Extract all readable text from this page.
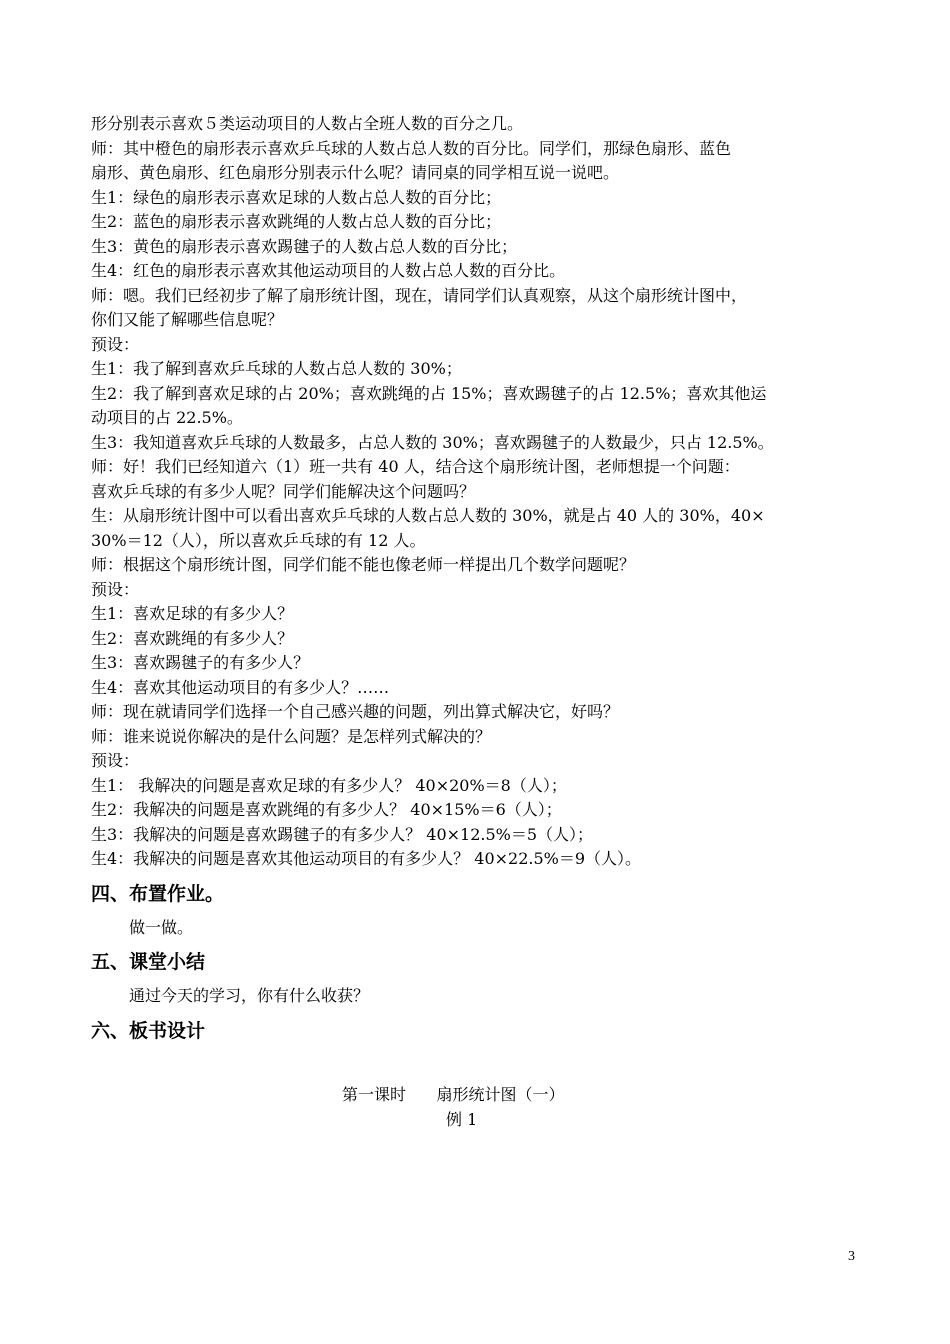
形分别表示喜欢５类运动项目的人数占全班人数的百分之几。

师：其中橙色的扇形表示喜欢乒乓球的人数占总人数的百分比。同学们，那绿色扇形、蓝色

扇形、黄色扇形、红色扇形分别表示什么呢？请同桌的同学相互说一说吧。

生1：绿色的扇形表示喜欢足球的人数占总人数的百分比；

生2：蓝色的扇形表示喜欢跳绳的人数占总人数的百分比；

生3：黄色的扇形表示喜欢踢毽子的人数占总人数的百分比；

生4：红色的扇形表示喜欢其他运动项目的人数占总人数的百分比。

师：嗯。我们已经初步了解了扇形统计图，现在，请同学们认真观察，从这个扇形统计图中，

你们又能了解哪些信息呢？

预设：

生1：我了解到喜欢乒乓球的人数占总人数的 30%；

生2：我了解到喜欢足球的占 20%；喜欢跳绳的占 15%；喜欢踢毽子的占 12.5%；喜欢其他运

动项目的占 22.5%。

生3：我知道喜欢乒乓球的人数最多，占总人数的 30%；喜欢踢毽子的人数最少，只占 12.5%。

师：好！我们已经知道六（1）班一共有 40 人，结合这个扇形统计图，老师想提一个问题：

喜欢乒乓球的有多少人呢？同学们能解决这个问题吗？

生：从扇形统计图中可以看出喜欢乒乓球的人数占总人数的 30%，就是占 40 人的 30%，40×

30%＝12（人），所以喜欢乒乓球的有 12 人。

师：根据这个扇形统计图，同学们能不能也像老师一样提出几个数学问题呢？

预设：

生1：喜欢足球的有多少人？

生2：喜欢跳绳的有多少人？

生3：喜欢踢毽子的有多少人？

生4：喜欢其他运动项目的有多少人？……

师：现在就请同学们选择一个自己感兴趣的问题，列出算式解决它，好吗？

师：谁来说说你解决的是什么问题？是怎样列式解决的？

预设：

生1： 我解决的问题是喜欢足球的有多少人？ 40×20%＝8（人）；

生2：我解决的问题是喜欢跳绳的有多少人？ 40×15%＝6（人）；

生3：我解决的问题是喜欢踢毽子的有多少人？ 40×12.5%＝5（人）；

生4：我解决的问题是喜欢其他运动项目的有多少人？ 40×22.5%＝9（人）。

四、布置作业。

做一做。

五、课堂小结

通过今天的学习，你有什么收获？

六、板书设计
第一课时      扇形统计图（一）
例 1
3
